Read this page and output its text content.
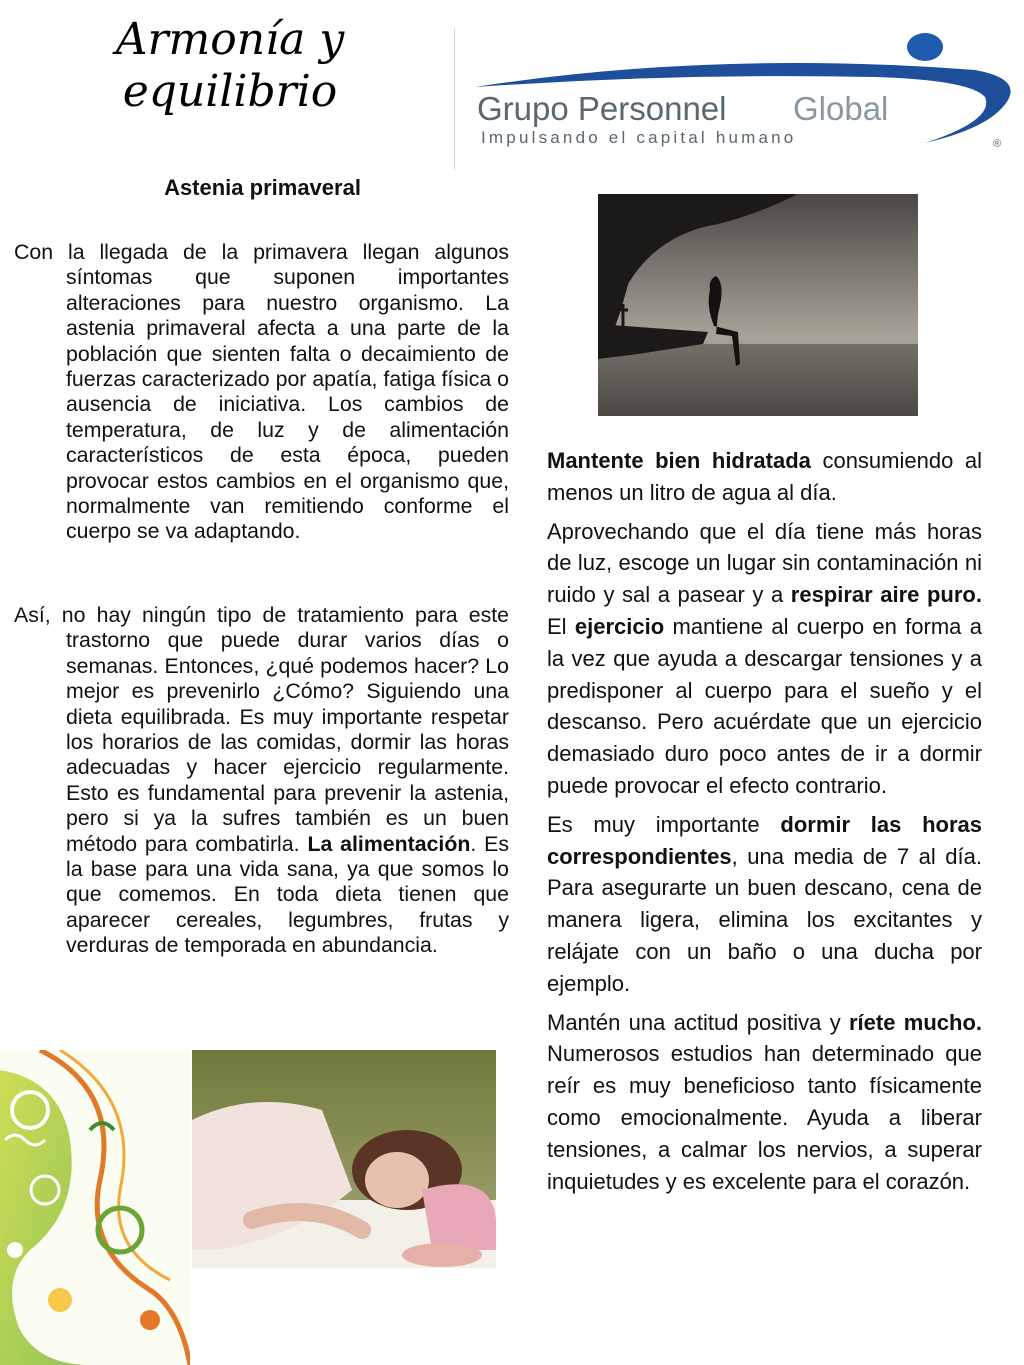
Armonía y equilibrio	Grupo Personnel Global
Impulsando el capital humano	®
Astenia primaveral

Con la llegada de la primavera llegan algunos síntomas que suponen importantes alteraciones para nuestro organismo. La astenia primaveral afecta a una parte de la población que sienten falta o decaimiento de fuerzas caracterizado por apatía, fatiga física o ausencia de iniciativa. Los cambios de temperatura, de luz y de alimentación característicos de esta época, pueden provocar estos cambios en el organismo que, normalmente van remitiendo conforme el cuerpo se va adaptando.

Así, no hay ningún tipo de tratamiento para este trastorno que puede durar varios días o semanas. Entonces, ¿qué podemos hacer? Lo mejor es prevenirlo ¿Cómo? Siguiendo una dieta equilibrada. Es muy importante respetar los horarios de las comidas, dormir las horas adecuadas y hacer ejercicio regularmente. Esto es fundamental para prevenir la astenia, pero si ya la sufres también es un buen método para combatirla. La alimentación. Es la base para una vida sana, ya que somos lo que comemos. En toda dieta tienen que aparecer cereales, legumbres, frutas y verduras de temporada en abundancia.

Mantente bien hidratada consumiendo al menos un litro de agua al día.

Aprovechando que el día tiene más horas de luz, escoge un lugar sin contaminación ni ruido y sal a pasear y a respirar aire puro. El ejercicio mantiene al cuerpo en forma a la vez que ayuda a descargar tensiones y a predisponer al cuerpo para el sueño y el descanso. Pero acuérdate que un ejercicio demasiado duro poco antes de ir a dormir puede provocar el efecto contrario.

Es muy importante dormir las horas correspondientes, una media de 7 al día. Para asegurarte un buen descano, cena de manera ligera, elimina los excitantes y relájate con un baño o una ducha por ejemplo.

Mantén una actitud positiva y ríete mucho. Numerosos estudios han determinado que reír es muy beneficioso tanto físicamente como emocionalmente. Ayuda a liberar tensiones, a calmar los nervios, a superar inquietudes y es excelente para el corazón.
